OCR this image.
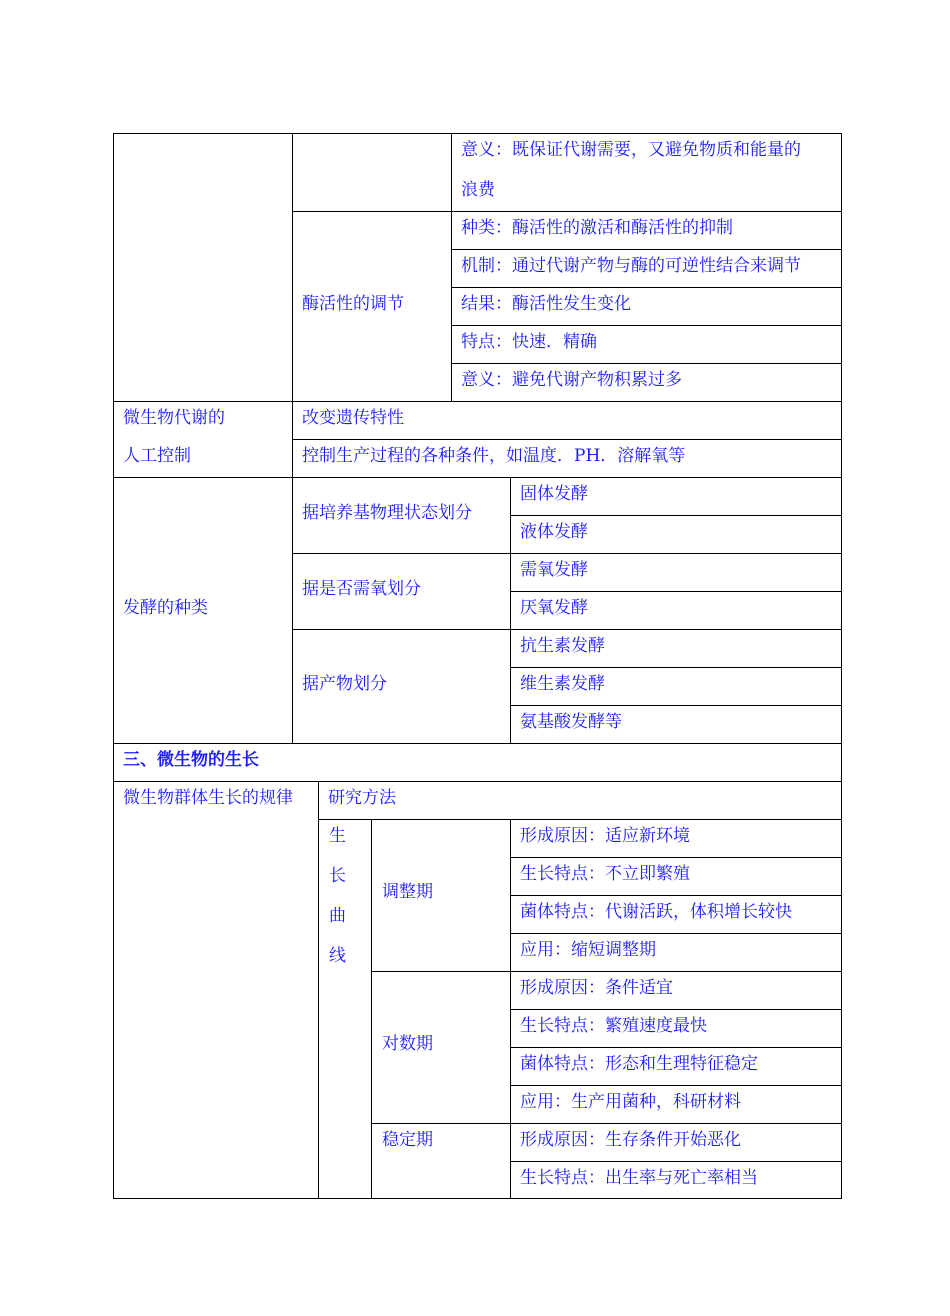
意义：既保证代谢需要，又避免物质和能量的
浪费
酶活性的调节
种类：酶活性的激活和酶活性的抑制
机制：通过代谢产物与酶的可逆性结合来调节
结果：酶活性发生变化
特点：快速．精确
意义：避免代谢产物积累过多
微生物代谢的
人工控制
改变遗传特性
控制生产过程的各种条件，如温度．PH．溶解氧等
发酵的种类
据培养基物理状态划分
据是否需氧划分
据产物划分
固体发酵
液体发酵
需氧发酵
厌氧发酵
抗生素发酵
维生素发酵
氨基酸发酵等
三、微生物的生长
微生物群体生长的规律 研究方法
生
长
曲
线
调整期
对数期
稳定期
形成原因：适应新环境
生长特点：不立即繁殖
菌体特点：代谢活跃，体积增长较快
应用：缩短调整期
形成原因：条件适宜
生长特点：繁殖速度最快
菌体特点：形态和生理特征稳定
应用：生产用菌种，科研材料
形成原因：生存条件开始恶化
生长特点：出生率与死亡率相当
